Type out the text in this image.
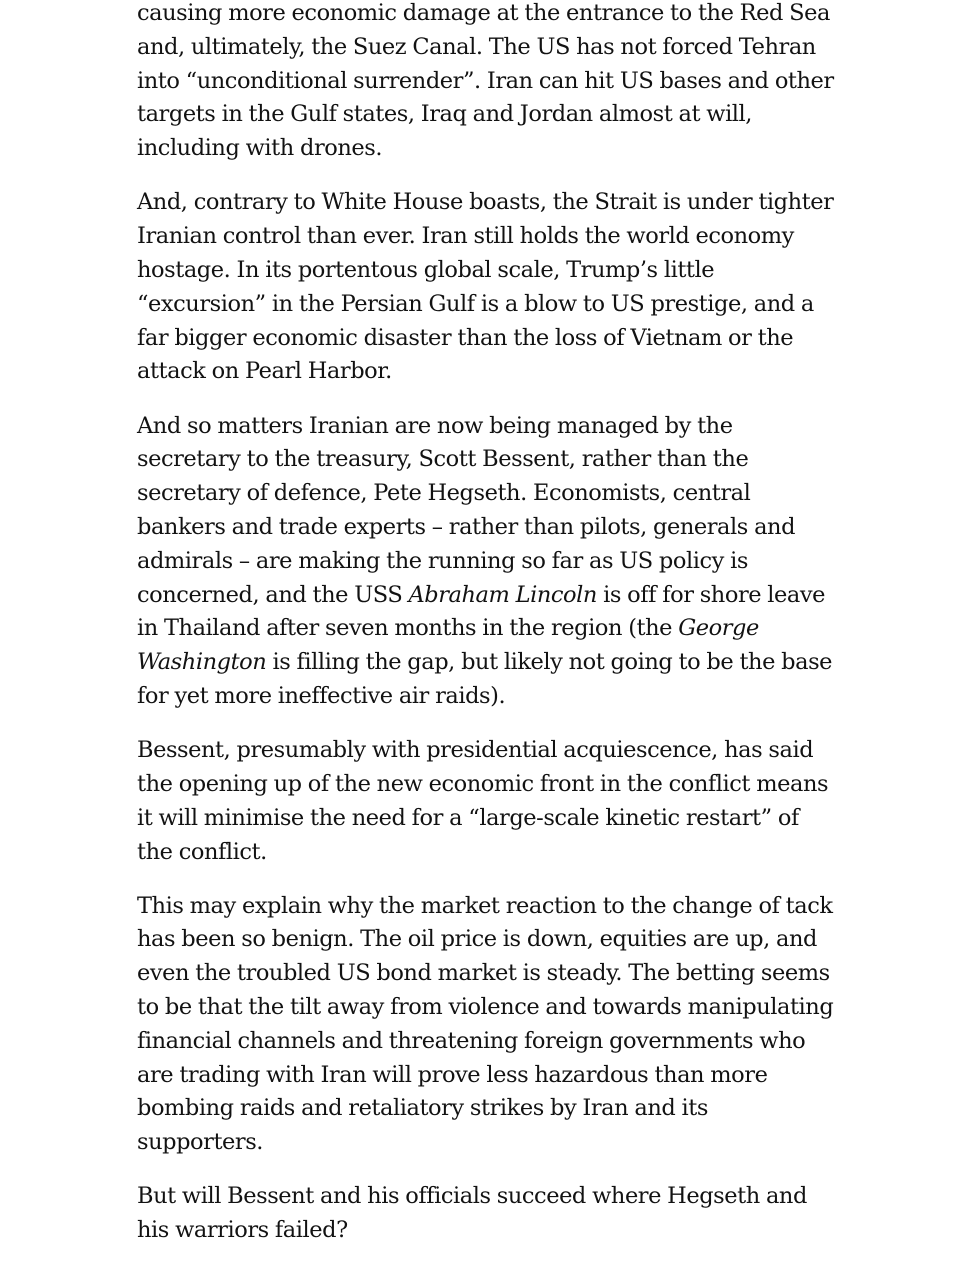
causing more economic damage at the entrance to the Red Sea and, ultimately, the Suez Canal. The US has not forced Tehran into “unconditional surrender”. Iran can hit US bases and other targets in the Gulf states, Iraq and Jordan almost at will, including with drones.

And, contrary to White House boasts, the Strait is under tighter Iranian control than ever. Iran still holds the world economy hostage. In its portentous global scale, Trump’s little “excursion” in the Persian Gulf is a blow to US prestige, and a far bigger economic disaster than the loss of Vietnam or the attack on Pearl Harbor.

And so matters Iranian are now being managed by the secretary to the treasury, Scott Bessent, rather than the secretary of defence, Pete Hegseth. Economists, central bankers and trade experts – rather than pilots, generals and admirals – are making the running so far as US policy is concerned, and the USS Abraham Lincoln is off for shore leave in Thailand after seven months in the region (the George Washington is filling the gap, but likely not going to be the base for yet more ineffective air raids).

Bessent, presumably with presidential acquiescence, has said the opening up of the new economic front in the conflict means it will minimise the need for a “large-scale kinetic restart” of the conflict.

This may explain why the market reaction to the change of tack has been so benign. The oil price is down, equities are up, and even the troubled US bond market is steady. The betting seems to be that the tilt away from violence and towards manipulating financial channels and threatening foreign governments who are trading with Iran will prove less hazardous than more bombing raids and retaliatory strikes by Iran and its supporters.

But will Bessent and his officials succeed where Hegseth and his warriors failed?
